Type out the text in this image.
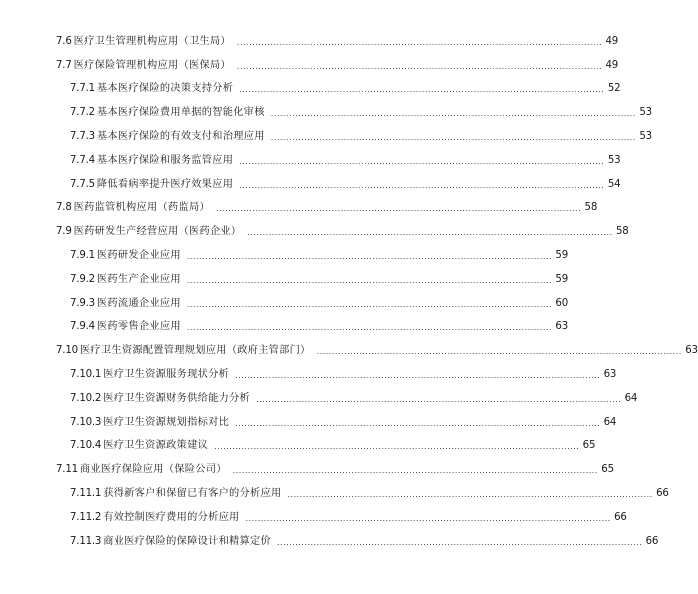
7.6 医疗卫生管理机构应用（卫生局） ........................................................................................................................ 49
7.7 医疗保险管理机构应用（医保局） ........................................................................................................................ 49
7.7.1 基本医疗保险的决策支持分析 ........................................................................................................................ 52
7.7.2 基本医疗保险费用单据的智能化审核 ........................................................................................................................ 53
7.7.3 基本医疗保险的有效支付和治理应用 ........................................................................................................................ 53
7.7.4 基本医疗保险和服务监管应用 ........................................................................................................................ 53
7.7.5 降低看病率提升医疗效果应用 ........................................................................................................................ 54
7.8 医药监管机构应用（药监局） ........................................................................................................................ 58
7.9 医药研发生产经营应用（医药企业） ........................................................................................................................ 58
7.9.1 医药研发企业应用 ........................................................................................................................ 59
7.9.2 医药生产企业应用 ........................................................................................................................ 59
7.9.3 医药流通企业应用 ........................................................................................................................ 60
7.9.4 医药零售企业应用 ........................................................................................................................ 63
7.10 医疗卫生资源配置管理规划应用（政府主管部门） ........................................................................................................................ 63
7.10.1 医疗卫生资源服务现状分析 ........................................................................................................................ 63
7.10.2 医疗卫生资源财务供给能力分析 ........................................................................................................................ 64
7.10.3 医疗卫生资源规划指标对比 ........................................................................................................................ 64
7.10.4 医疗卫生资源政策建议 ........................................................................................................................ 65
7.11 商业医疗保险应用（保险公司） ........................................................................................................................ 65
7.11.1 获得新客户和保留已有客户的分析应用 ........................................................................................................................ 66
7.11.2 有效控制医疗费用的分析应用 ........................................................................................................................ 66
7.11.3 商业医疗保险的保障设计和精算定价 ........................................................................................................................ 66
